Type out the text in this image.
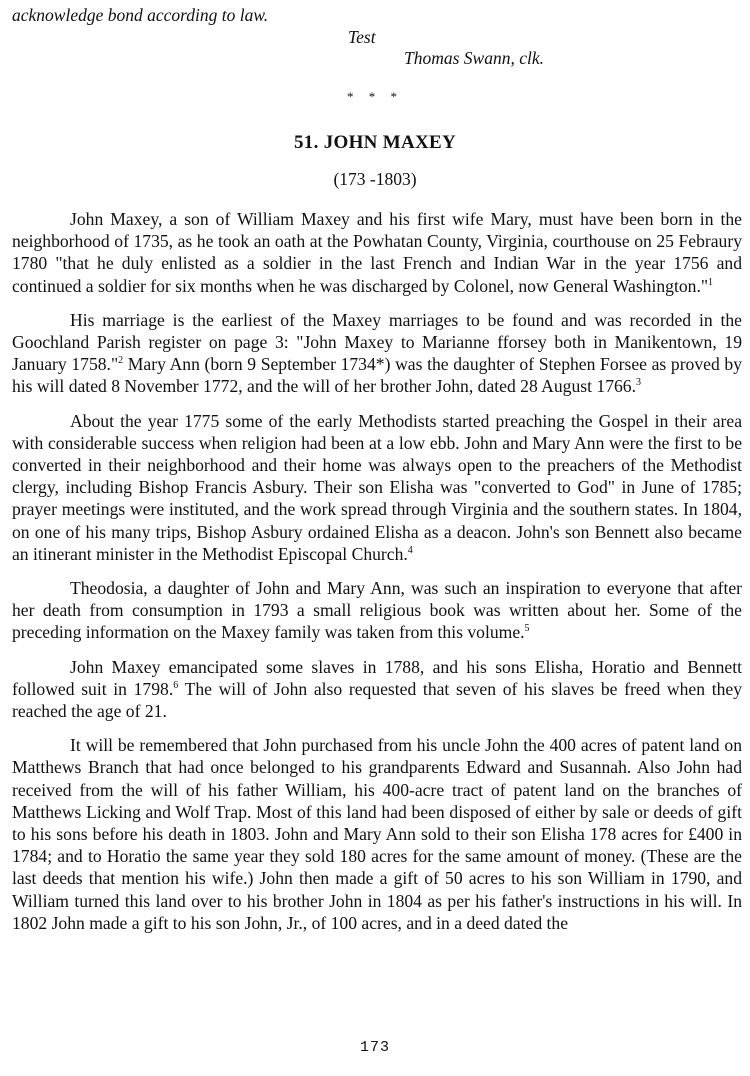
acknowledge bond according to law.
Test
Thomas Swann, clk.
* * *
51. JOHN MAXEY
(173 -1803)

John Maxey, a son of William Maxey and his first wife Mary, must have been born in the neighborhood of 1735, as he took an oath at the Powhatan County, Virginia, courthouse on 25 Febraury 1780 "that he duly enlisted as a soldier in the last French and Indian War in the year 1756 and continued a soldier for six months when he was discharged by Colonel, now General Washington."$^1$

His marriage is the earliest of the Maxey marriages to be found and was recorded in the Goochland Parish register on page 3: "John Maxey to Marianne fforsey both in Manikentown, 19 January 1758."$^2$ Mary Ann (born 9 September 1734*) was the daughter of Stephen Forsee as proved by his will dated 8 November 1772, and the will of her brother John, dated 28 August 1766.$^3$

About the year 1775 some of the early Methodists started preaching the Gospel in their area with considerable success when religion had been at a low ebb. John and Mary Ann were the first to be converted in their neighborhood and their home was always open to the preachers of the Methodist clergy, including Bishop Francis Asbury. Their son Elisha was "converted to God" in June of 1785; prayer meetings were instituted, and the work spread through Virginia and the southern states. In 1804, on one of his many trips, Bishop Asbury ordained Elisha as a deacon. John's son Bennett also became an itinerant minister in the Methodist Episcopal Church.$^4$

Theodosia, a daughter of John and Mary Ann, was such an inspiration to everyone that after her death from consumption in 1793 a small religious book was written about her. Some of the preceding information on the Maxey family was taken from this volume.$^5$

John Maxey emancipated some slaves in 1788, and his sons Elisha, Horatio and Bennett followed suit in 1798.$^6$ The will of John also requested that seven of his slaves be freed when they reached the age of 21.

It will be remembered that John purchased from his uncle John the 400 acres of patent land on Matthews Branch that had once belonged to his grandparents Edward and Susannah. Also John had received from the will of his father William, his 400-acre tract of patent land on the branches of Matthews Licking and Wolf Trap. Most of this land had been disposed of either by sale or deeds of gift to his sons before his death in 1803. John and Mary Ann sold to their son Elisha 178 acres for £400 in 1784; and to Horatio the same year they sold 180 acres for the same amount of money. (These are the last deeds that mention his wife.) John then made a gift of 50 acres to his son William in 1790, and William turned this land over to his brother John in 1804 as per his father's instructions in his will. In 1802 John made a gift to his son John, Jr., of 100 acres, and in a deed dated the

173
